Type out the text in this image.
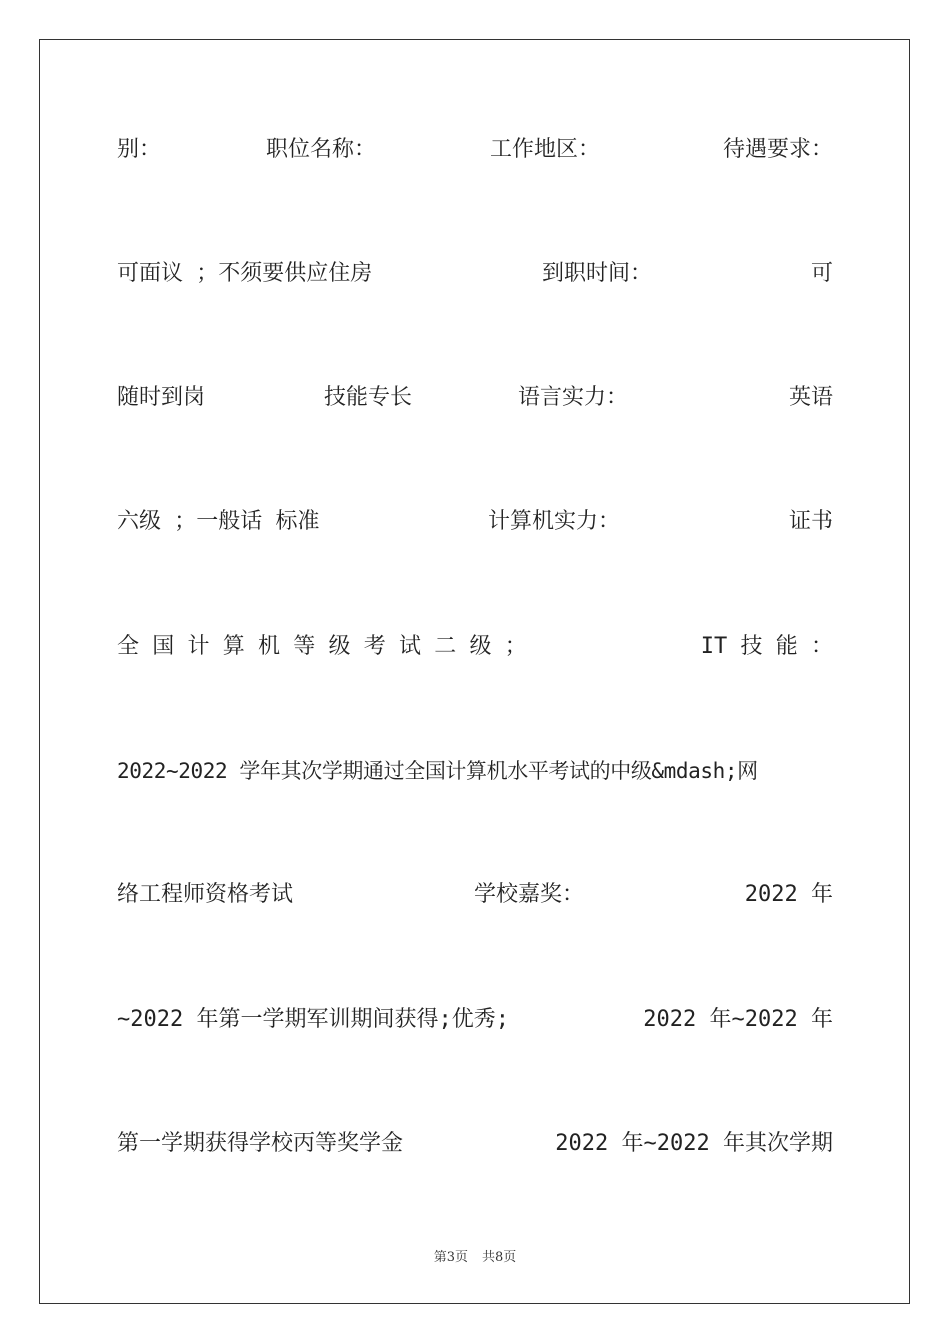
别：	职位名称：	工作地区：	待遇要求：
可面议 ；不须要供应住房	到职时间：	可
随时到岗	技能专长	语言实力：	英语
六级 ；一般话 标准	计算机实力：	证书
全 国 计 算 机 等 级 考 试 二 级 ；	IT 技 能 ：
2022~2022 学年其次学期通过全国计算机水平考试的中级&mdash;网
络工程师资格考试	学校嘉奖：	2022 年
~2022 年第一学期军训期间获得;优秀;	2022 年~2022 年
第一学期获得学校丙等奖学金	2022 年~2022 年其次学期
第3页 共8页
